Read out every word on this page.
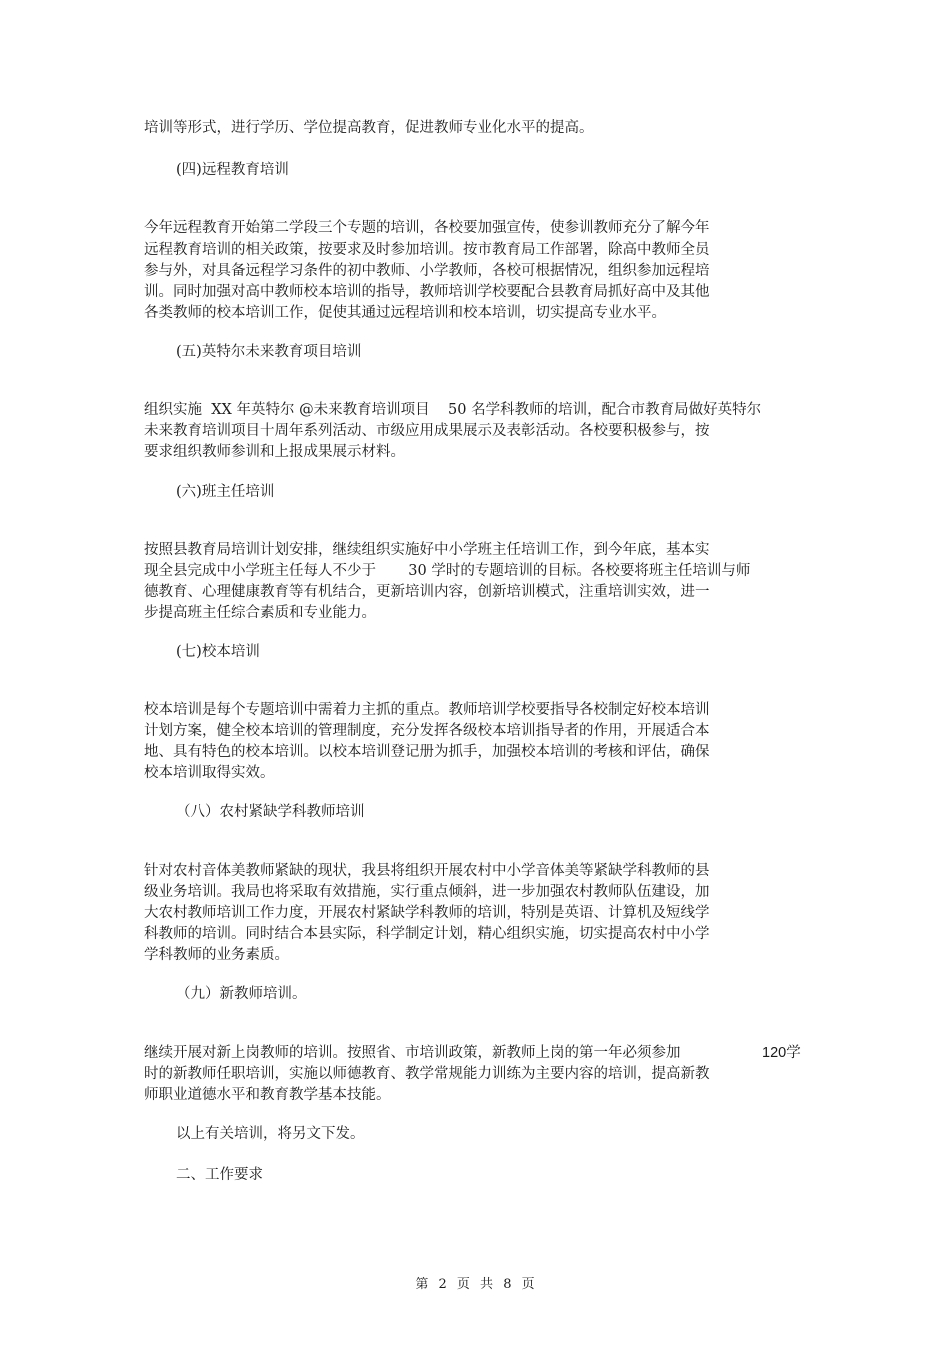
培训等形式，进行学历、学位提高教育，促进教师专业化水平的提高。

(四)远程教育培训

今年远程教育开始第二学段三个专题的培训，各校要加强宣传，使参训教师充分了解今年

远程教育培训的相关政策，按要求及时参加培训。按市教育局工作部署，除高中教师全员

参与外，对具备远程学习条件的初中教师、小学教师，各校可根据情况，组织参加远程培

训。同时加强对高中教师校本培训的指导，教师培训学校要配合县教育局抓好高中及其他

各类教师的校本培训工作，促使其通过远程培训和校本培训，切实提高专业水平。

(五)英特尔未来教育项目培训

组织实施  XX 年英特尔 @未来教育培训项目    50 名学科教师的培训，配合市教育局做好英特尔

未来教育培训项目十周年系列活动、市级应用成果展示及表彰活动。各校要积极参与，按

要求组织教师参训和上报成果展示材料。

(六)班主任培训

按照县教育局培训计划安排，继续组织实施好中小学班主任培训工作，到今年底，基本实

现全县完成中小学班主任每人不少于       30 学时的专题培训的目标。各校要将班主任培训与师

德教育、心理健康教育等有机结合，更新培训内容，创新培训模式，注重培训实效，进一

步提高班主任综合素质和专业能力。

(七)校本培训

校本培训是每个专题培训中需着力主抓的重点。教师培训学校要指导各校制定好校本培训

计划方案，健全校本培训的管理制度，充分发挥各级校本培训指导者的作用，开展适合本

地、具有特色的校本培训。以校本培训登记册为抓手，加强校本培训的考核和评估，确保

校本培训取得实效。

（八）农村紧缺学科教师培训

针对农村音体美教师紧缺的现状，我县将组织开展农村中小学音体美等紧缺学科教师的县

级业务培训。我局也将采取有效措施，实行重点倾斜，进一步加强农村教师队伍建设，加

大农村教师培训工作力度，开展农村紧缺学科教师的培训，特别是英语、计算机及短线学

科教师的培训。同时结合本县实际，科学制定计划，精心组织实施，切实提高农村中小学

学科教师的业务素质。

（九）新教师培训。

继续开展对新上岗教师的培训。按照省、市培训政策，新教师上岗的第一年必须参加	120学

时的新教师任职培训，实施以师德教育、教学常规能力训练为主要内容的培训，提高新教

师职业道德水平和教育教学基本技能。

以上有关培训，将另文下发。

二、工作要求

第 2 页 共 8 页
